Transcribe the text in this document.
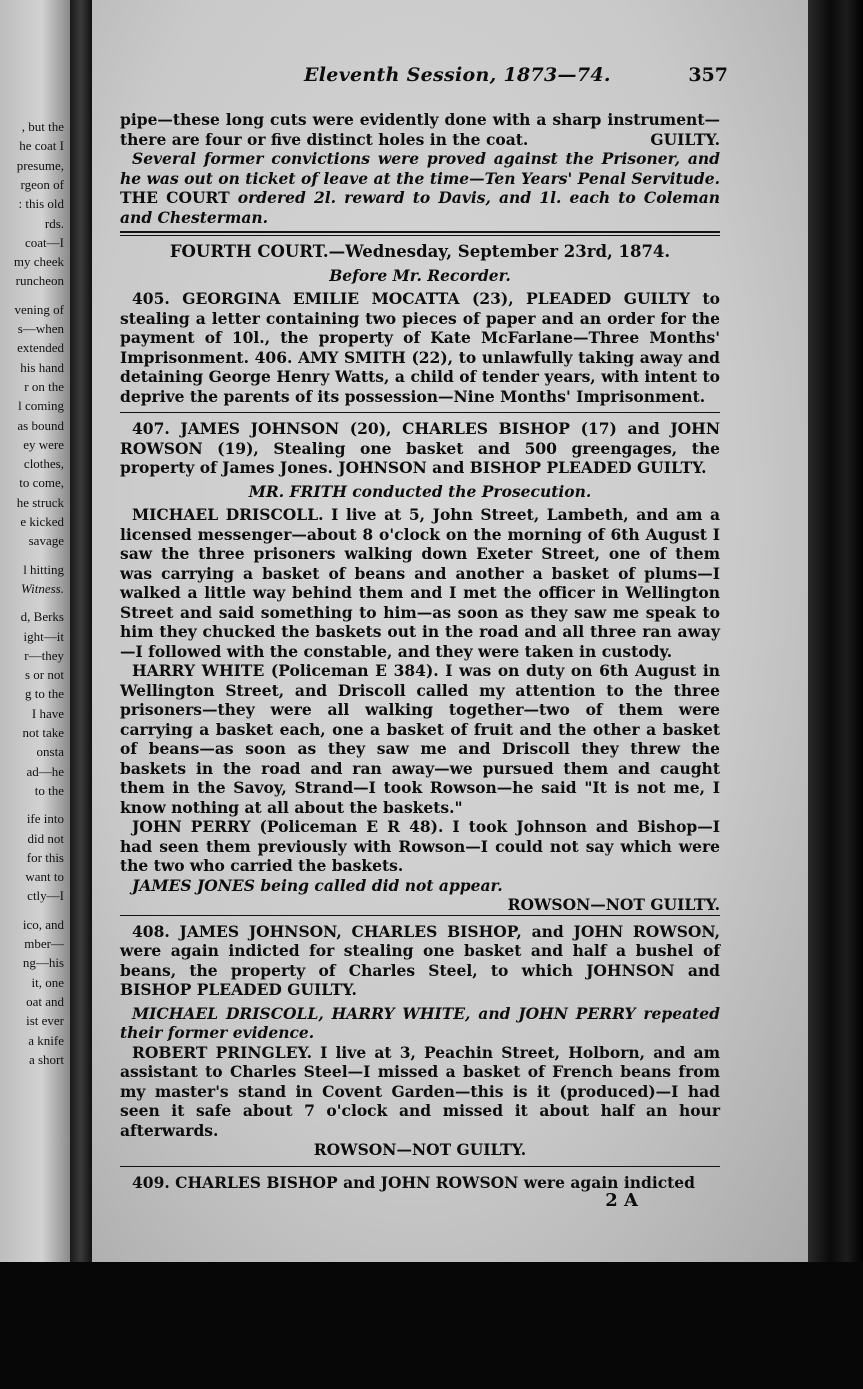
, but the
he coat I
presume,
rgeon of
: this old
rds.
coat—I
my cheek
runcheon
vening of
s—when
extended
his hand
r on the
l coming
as bound
ey were
clothes,
to come,
he struck
e kicked
savage
l hitting
Witness.
d, Berks
ight—it
r—they
s or not
g to the
I have
not take
onsta
ad—he
to the
ife into
did not
for this
want to
ctly—I
ico, and
mber—
ng—his
it, one
oat and
ist ever
a knife
a short
Eleventh Session, 1873—74.	357

pipe—these long cuts were evidently done with a sharp instrument—there are four or five distinct holes in the coat.	GUILTY.

Several former convictions were proved against the Prisoner, and he was out on ticket of leave at the time—Ten Years' Penal Servitude. THE COURT ordered 2l. reward to Davis, and 1l. each to Coleman and Chesterman.

FOURTH COURT.—Wednesday, September 23rd, 1874.

Before Mr. Recorder.

405. GEORGINA EMILIE MOCATTA (23), PLEADED GUILTY to stealing a letter containing two pieces of paper and an order for the payment of 10l., the property of Kate McFarlane—Three Months' Imprisonment. 406. AMY SMITH (22), to unlawfully taking away and detaining George Henry Watts, a child of tender years, with intent to deprive the parents of its possession—Nine Months' Imprisonment.

407. JAMES JOHNSON (20), CHARLES BISHOP (17) and JOHN ROWSON (19), Stealing one basket and 500 greengages, the property of James Jones. JOHNSON and BISHOP PLEADED GUILTY.

MR. FRITH conducted the Prosecution.

MICHAEL DRISCOLL. I live at 5, John Street, Lambeth, and am a licensed messenger—about 8 o'clock on the morning of 6th August I saw the three prisoners walking down Exeter Street, one of them was carrying a basket of beans and another a basket of plums—I walked a little way behind them and I met the officer in Wellington Street and said something to him—as soon as they saw me speak to him they chucked the baskets out in the road and all three ran away—I followed with the constable, and they were taken in custody.

HARRY WHITE (Policeman E 384). I was on duty on 6th August in Wellington Street, and Driscoll called my attention to the three prisoners—they were all walking together—two of them were carrying a basket each, one a basket of fruit and the other a basket of beans—as soon as they saw me and Driscoll they threw the baskets in the road and ran away—we pursued them and caught them in the Savoy, Strand—I took Rowson—he said "It is not me, I know nothing at all about the baskets."

JOHN PERRY (Policeman E R 48). I took Johnson and Bishop—I had seen them previously with Rowson—I could not say which were the two who carried the baskets.

JAMES JONES being called did not appear.
ROWSON—NOT GUILTY.

408. JAMES JOHNSON, CHARLES BISHOP, and JOHN ROWSON, were again indicted for stealing one basket and half a bushel of beans, the property of Charles Steel, to which JOHNSON and BISHOP PLEADED GUILTY.

MICHAEL DRISCOLL, HARRY WHITE, and JOHN PERRY repeated their former evidence.

ROBERT PRINGLEY. I live at 3, Peachin Street, Holborn, and am assistant to Charles Steel—I missed a basket of French beans from my master's stand in Covent Garden—this is it (produced)—I had seen it safe about 7 o'clock and missed it about half an hour afterwards.

ROWSON—NOT GUILTY.

409. CHARLES BISHOP and JOHN ROWSON were again indicted

2 A
